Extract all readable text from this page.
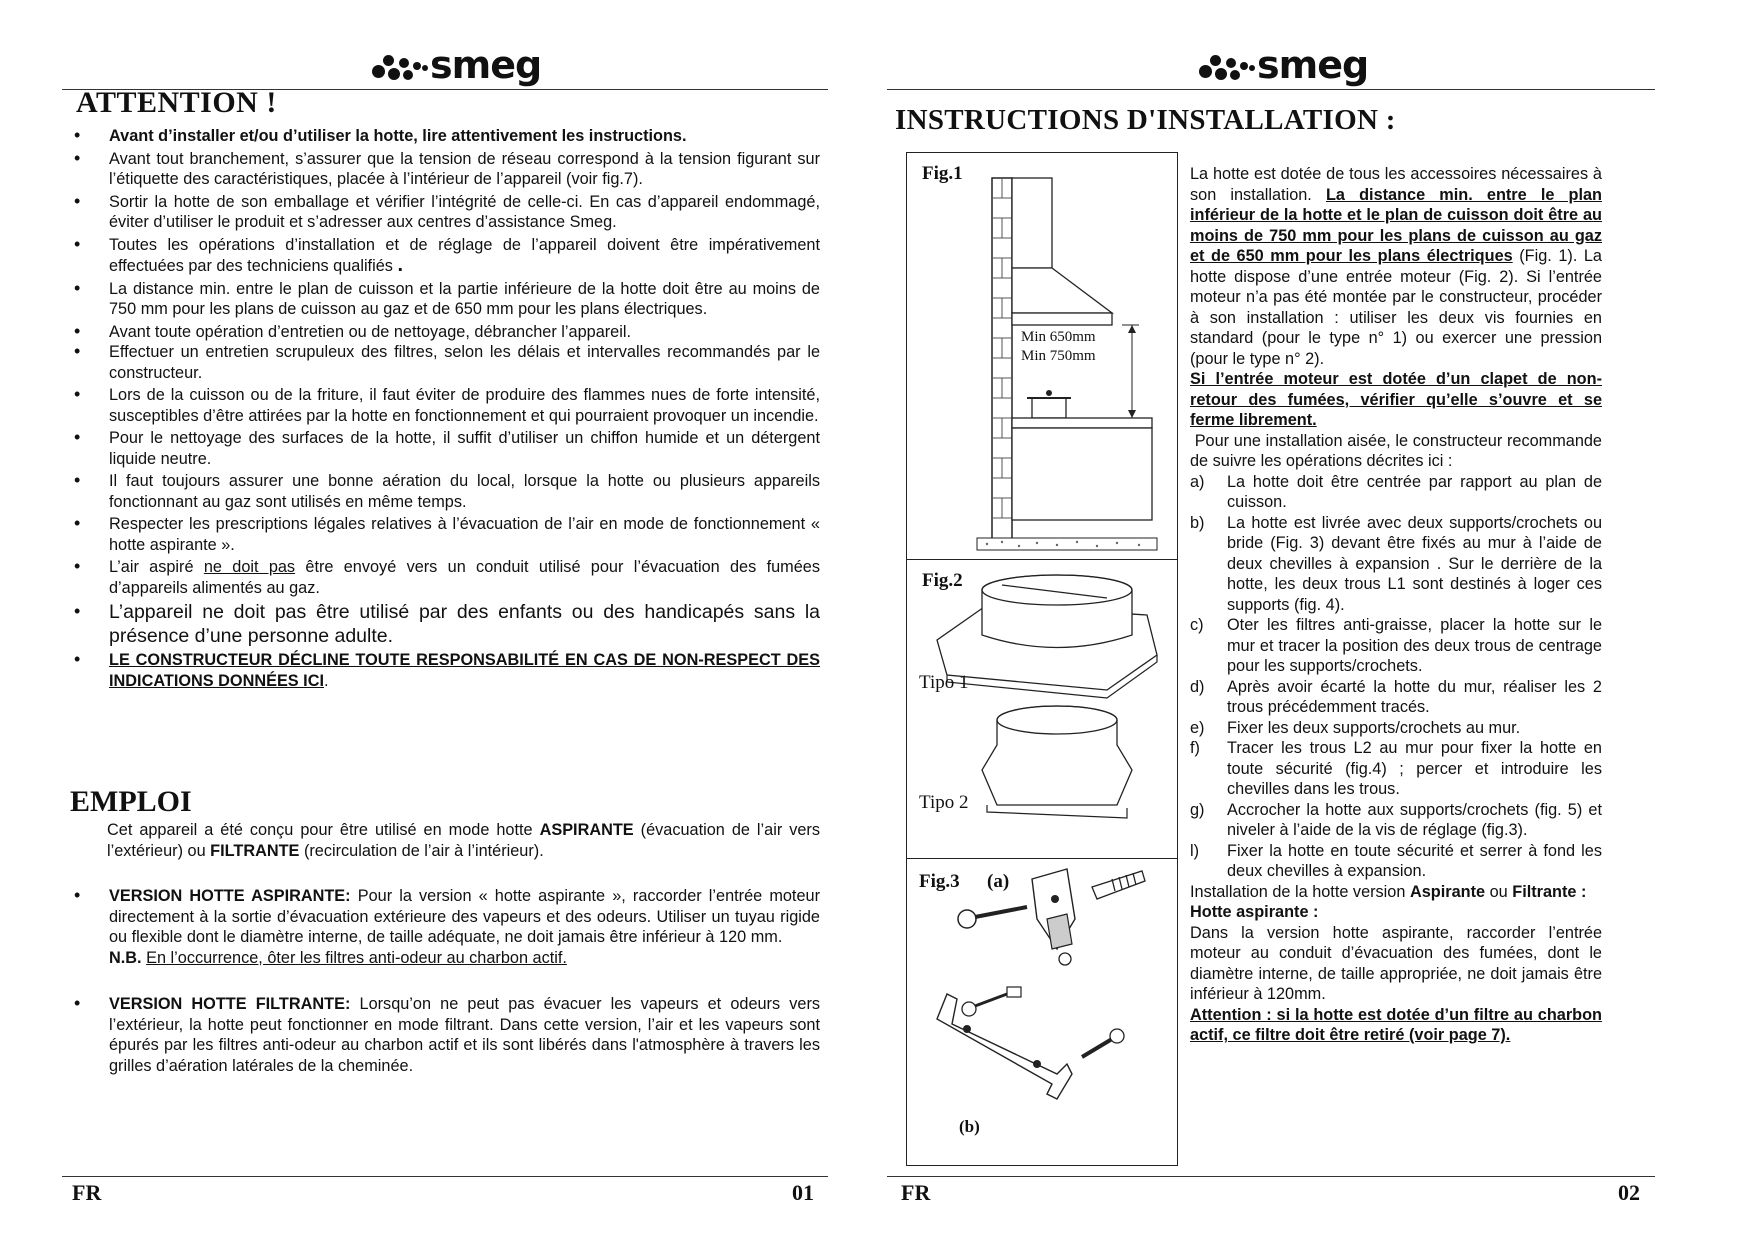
smeg
ATTENTION !
• Avant d’installer et/ou d’utiliser la hotte, lire attentivement les instructions.
• Avant tout branchement, s’assurer que la tension de réseau correspond à la tension figurant sur l’étiquette des caractéristiques, placée à l’intérieur de l’appareil (voir fig.7).
• Sortir la hotte de son emballage et vérifier l’intégrité de celle-ci. En cas d’appareil endommagé, éviter d’utiliser le produit et s’adresser aux centres d’assistance Smeg.
• Toutes les opérations d’installation et de réglage de l’appareil doivent être impérativement effectuées par des techniciens qualifiés .
• La distance min. entre le plan de cuisson et la partie inférieure de la hotte doit être au moins de 750 mm pour les plans de cuisson au gaz et de 650 mm pour les plans électriques.
• Avant toute opération d’entretien ou de nettoyage, débrancher l’appareil.
• Effectuer un entretien scrupuleux des filtres, selon les délais et intervalles recommandés par le constructeur.
• Lors de la cuisson ou de la friture, il faut éviter de produire des flammes nues de forte intensité, susceptibles d’être attirées par la hotte en fonctionnement et qui pourraient provoquer un incendie.
• Pour le nettoyage des surfaces de la hotte, il suffit d’utiliser un chiffon humide et un détergent liquide neutre.
• Il faut toujours assurer une bonne aération du local, lorsque la hotte ou plusieurs appareils fonctionnant au gaz sont utilisés en même temps.
• Respecter les prescriptions légales relatives à l’évacuation de l’air en mode de fonctionnement « hotte aspirante ».
• L’air aspiré ne doit pas être envoyé vers un conduit utilisé pour l’évacuation des fumées d’appareils alimentés au gaz.
• L’appareil ne doit pas être utilisé par des enfants ou des handicapés sans la présence d’une personne adulte.
• LE CONSTRUCTEUR DÉCLINE TOUTE RESPONSABILITÉ EN CAS DE NON-RESPECT DES INDICATIONS DONNÉES ICI.
EMPLOI
Cet appareil a été conçu pour être utilisé en mode hotte ASPIRANTE (évacuation de l’air vers l’extérieur) ou FILTRANTE (recirculation de l’air à l’intérieur).
• VERSION HOTTE ASPIRANTE: Pour la version « hotte aspirante », raccorder l’entrée moteur directement à la sortie d’évacuation extérieure des vapeurs et des odeurs. Utiliser un tuyau rigide ou flexible dont le diamètre interne, de taille adéquate, ne doit jamais être inférieur à 120 mm.
N.B. En l’occurrence, ôter les filtres anti-odeur au charbon actif.
• VERSION HOTTE FILTRANTE: Lorsqu’on ne peut pas évacuer les vapeurs et odeurs vers l’extérieur, la hotte peut fonctionner en mode filtrant. Dans cette version, l’air et les vapeurs sont épurés par les filtres anti-odeur au charbon actif et ils sont libérés dans l'atmosphère à travers les grilles d’aération latérales de la cheminée.
FR	01
smeg
INSTRUCTIONS D'INSTALLATION :
Fig.1
Min 650mm
Min 750mm
Fig.2
Tipo 1
Tipo 2
Fig.3 (a)
(b)
La hotte est dotée de tous les accessoires nécessaires à son installation. La distance min. entre le plan inférieur de la hotte et le plan de cuisson doit être au moins de 750 mm pour les plans de cuisson au gaz et de 650 mm pour les plans électriques (Fig. 1). La hotte dispose d’une entrée moteur (Fig. 2). Si l’entrée moteur n’a pas été montée par le constructeur, procéder à son installation : utiliser les deux vis fournies en standard (pour le type n° 1) ou exercer une pression (pour le type n° 2).
Si l’entrée moteur est dotée d’un clapet de non-retour des fumées, vérifier qu’elle s’ouvre et se ferme librement.
Pour une installation aisée, le constructeur recommande de suivre les opérations décrites ici :
a) La hotte doit être centrée par rapport au plan de cuisson.
b) La hotte est livrée avec deux supports/crochets ou bride (Fig. 3) devant être fixés au mur à l’aide de deux chevilles à expansion . Sur le derrière de la hotte, les deux trous L1 sont destinés à loger ces supports (fig. 4).
c) Oter les filtres anti-graisse, placer la hotte sur le mur et tracer la position des deux trous de centrage pour les supports/crochets.
d) Après avoir écarté la hotte du mur, réaliser les 2 trous précédemment tracés.
e) Fixer les deux supports/crochets au mur.
f) Tracer les trous L2 au mur pour fixer la hotte en toute sécurité (fig.4) ; percer et introduire les chevilles dans les trous.
g) Accrocher la hotte aux supports/crochets (fig. 5) et niveler à l’aide de la vis de réglage (fig.3).
l) Fixer la hotte en toute sécurité et serrer à fond les deux chevilles à expansion.
Installation de la hotte version Aspirante ou Filtrante :
Hotte aspirante :
Dans la version hotte aspirante, raccorder l’entrée moteur au conduit d’évacuation des fumées, dont le diamètre interne, de taille appropriée, ne doit jamais être inférieur à 120mm.
Attention : si la hotte est dotée d’un filtre au charbon actif, ce filtre doit être retiré (voir page 7).
FR	02
